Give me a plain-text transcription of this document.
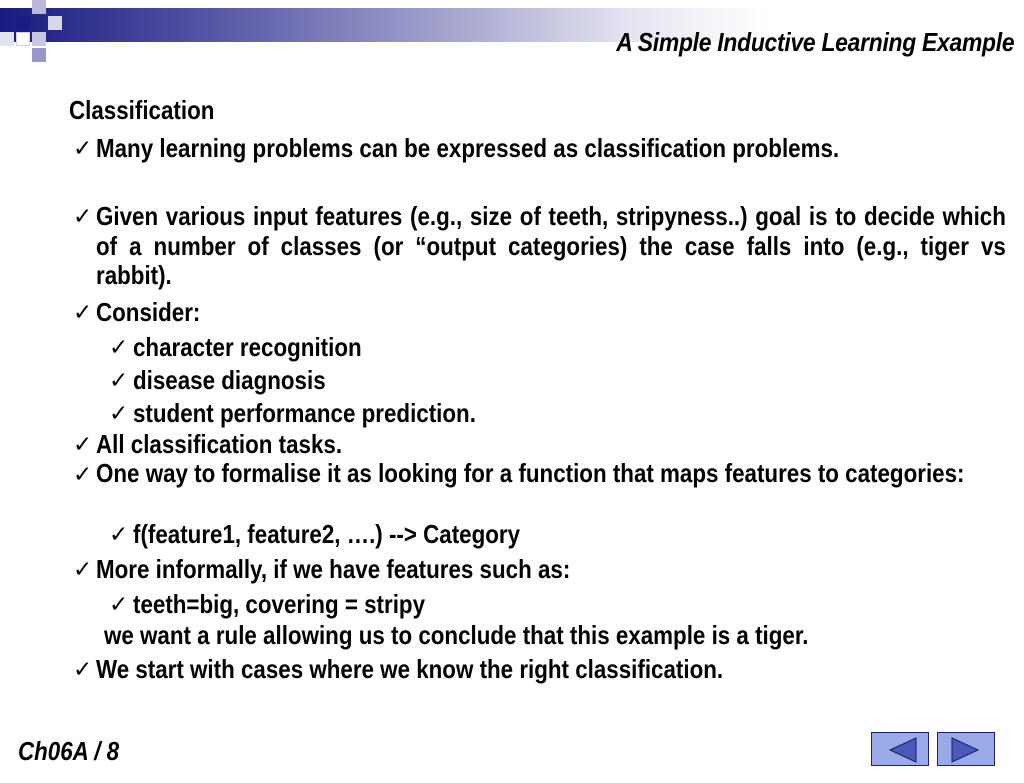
A Simple Inductive Learning Example
Classification
✓ Many learning problems can be expressed as classification problems.
✓ Given various input features (e.g., size of teeth, stripyness..) goal is to decide which of a number of classes (or “output categories) the case falls into (e.g., tiger vs rabbit).
✓ Consider:
✓ character recognition
✓ disease diagnosis
✓ student performance prediction.
✓ All classification tasks.
✓ One way to formalise it as looking for a function that maps features to categories:
✓ f(feature1, feature2, ….) --> Category
✓ More informally, if we have features such as:
✓ teeth=big, covering = stripy
we want a rule allowing us to conclude that this example is a tiger.
✓ We start with cases where we know the right classification.
Ch06A / 8
